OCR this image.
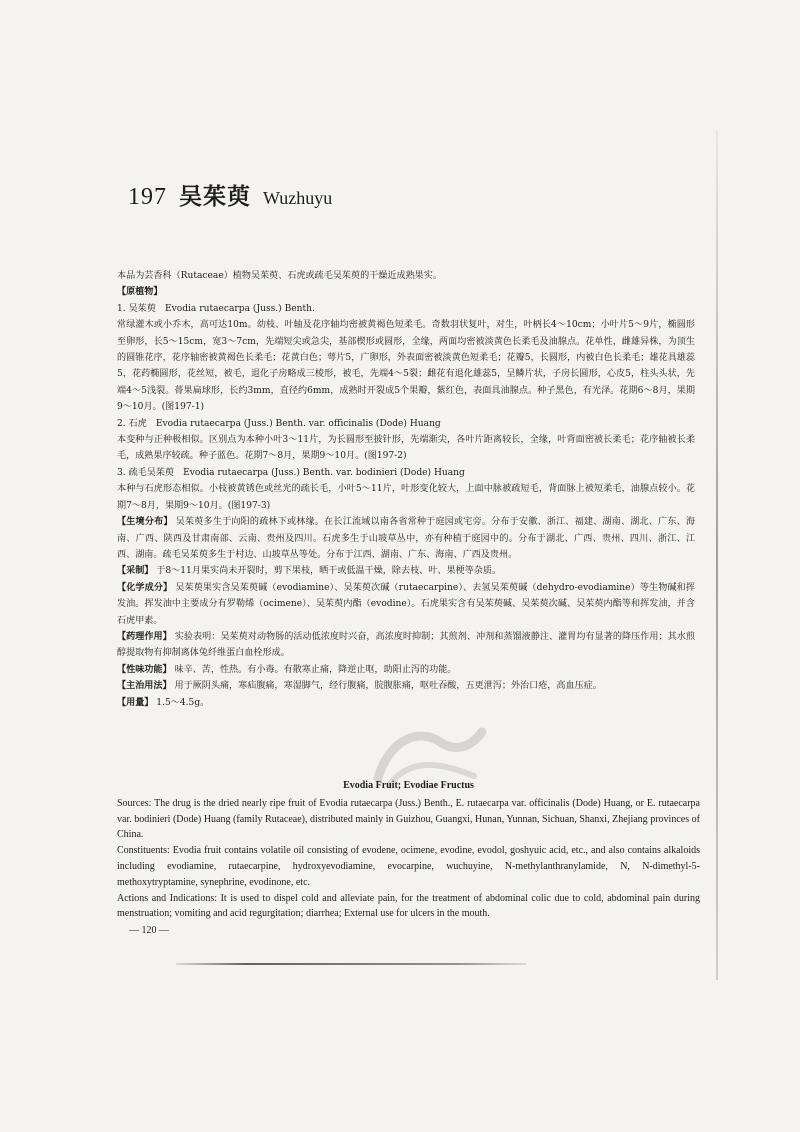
197 吴茱萸 Wuzhuyu

本品为芸香科（Rutaceae）植物吴茱萸、石虎或疏毛吴茱萸的干燥近成熟果实。

【原植物】

1. 吴茱萸　Evodia rutaecarpa (Juss.) Benth.

常绿灌木或小乔木，高可达10m。幼枝、叶轴及花序轴均密被黄褐色短柔毛。奇数羽状复叶，对生，叶柄长4～10cm；小叶片5～9片，椭圆形至卵形，长5～15cm，宽3～7cm，先端短尖或急尖，基部楔形或圆形，全缘，两面均密被淡黄色长柔毛及油腺点。花单性，雌雄异株，为顶生的圆锥花序，花序轴密被黄褐色长柔毛；花黄白色；萼片5，广卵形，外表面密被淡黄色短柔毛；花瓣5，长圆形，内被白色长柔毛；雄花具雄蕊5，花药椭圆形，花丝短，被毛，退化子房略成三棱形，被毛，先端4～5裂；雌花有退化雄蕊5，呈鳞片状，子房长圆形，心皮5，柱头头状，先端4～5浅裂。蓇果扁球形，长约3mm，直径约6mm，成熟时开裂成5个果瓣，紫红色，表面具油腺点。种子黑色，有光泽。花期6～8月，果期9～10月。(图197-1)

2. 石虎　Evodia rutaecarpa (Juss.) Benth. var. officinalis (Dode) Huang

本变种与正种极相似。区别点为本种小叶3～11片，为长圆形至披针形，先端渐尖，各叶片距离较长，全缘，叶背面密被长柔毛；花序轴被长柔毛，成熟果序较疏。种子蓝色。花期7～8月，果期9～10月。(图197-2)

3. 疏毛吴茱萸　Evodia rutaecarpa (Juss.) Benth. var. bodinieri (Dode) Huang

本种与石虎形态相似。小枝被黄锈色或丝光的疏长毛，小叶5～11片，叶形变化较大，上面中脉被疏短毛，背面脉上被短柔毛，油腺点较小。花期7～8月，果期9～10月。(图197-3)

【生境分布】 吴茱萸多生于向阳的疏林下或林缘。在长江流域以南各省常种于庭园或宅旁。分布于安徽、浙江、福建、湖南、湖北、广东、海南、广西、陕西及甘肃南部、云南、贵州及四川。石虎多生于山坡草丛中，亦有种植于庭园中的。分布于湖北、广西、贵州、四川、浙江、江西、湖南。疏毛吴茱萸多生于村边、山坡草丛等处。分布于江西、湖南、广东、海南、广西及贵州。

【采制】 于8～11月果实尚未开裂时，剪下果枝，晒干或低温干燥，除去枝、叶、果梗等杂质。

【化学成分】 吴茱萸果实含吴茱萸碱（evodiamine）、吴茱萸次碱（rutaecarpine）、去氢吴茱萸碱（dehydro-evodiamine）等生物碱和挥发油。挥发油中主要成分有罗勒烯（ocimene）、吴茱萸内酯（evodine）。石虎果实含有吴茱萸碱、吴茱萸次碱、吴茱萸内酯等和挥发油，并含石虎甲素。

【药理作用】 实验表明：吴茱萸对动物肠的活动低浓度时兴奋，高浓度时抑制；其煎剂、冲剂和蒸馏液静注、灌胃均有显著的降压作用；其水煎醇提取物有抑制离体兔纤维蛋白血栓形成。

【性味功能】 味辛、苦，性热。有小毒。有散寒止痛，降逆止呕，助阳止泻的功能。

【主治用法】 用于厥阴头痛，寒疝腹痛，寒湿脚气，经行腹痛，脘腹胀痛，呕吐吞酸，五更泄泻；外治口疮，高血压症。

【用量】 1.5～4.5g。

Evodia Fruit; Evodiae Fructus

Sources: The drug is the dried nearly ripe fruit of Evodia rutaecarpa (Juss.) Benth., E. rutaecarpa var. officinalis (Dode) Huang, or E. rutaecarpa var. bodinieri (Dode) Huang (family Rutaceae), distributed mainly in Guizhou, Guangxi, Hunan, Yunnan, Sichuan, Shanxi, Zhejiang provinces of China.

Constituents: Evodia fruit contains volatile oil consisting of evodene, ocimene, evodine, evodol, goshyuic acid, etc., and also contains alkaloids including evodiamine, rutaecarpine, hydroxyevodiamine, evocarpine, wuchuyine, N-methylanthranylamide, N, N-dimethyl-5-methoxytryptamine, synephrine, evodinone, etc.

Actions and Indications: It is used to dispel cold and alleviate pain, for the treatment of abdominal colic due to cold, abdominal pain during menstruation; vomiting and acid regurgitation; diarrhea; External use for ulcers in the mouth.

— 120 —
